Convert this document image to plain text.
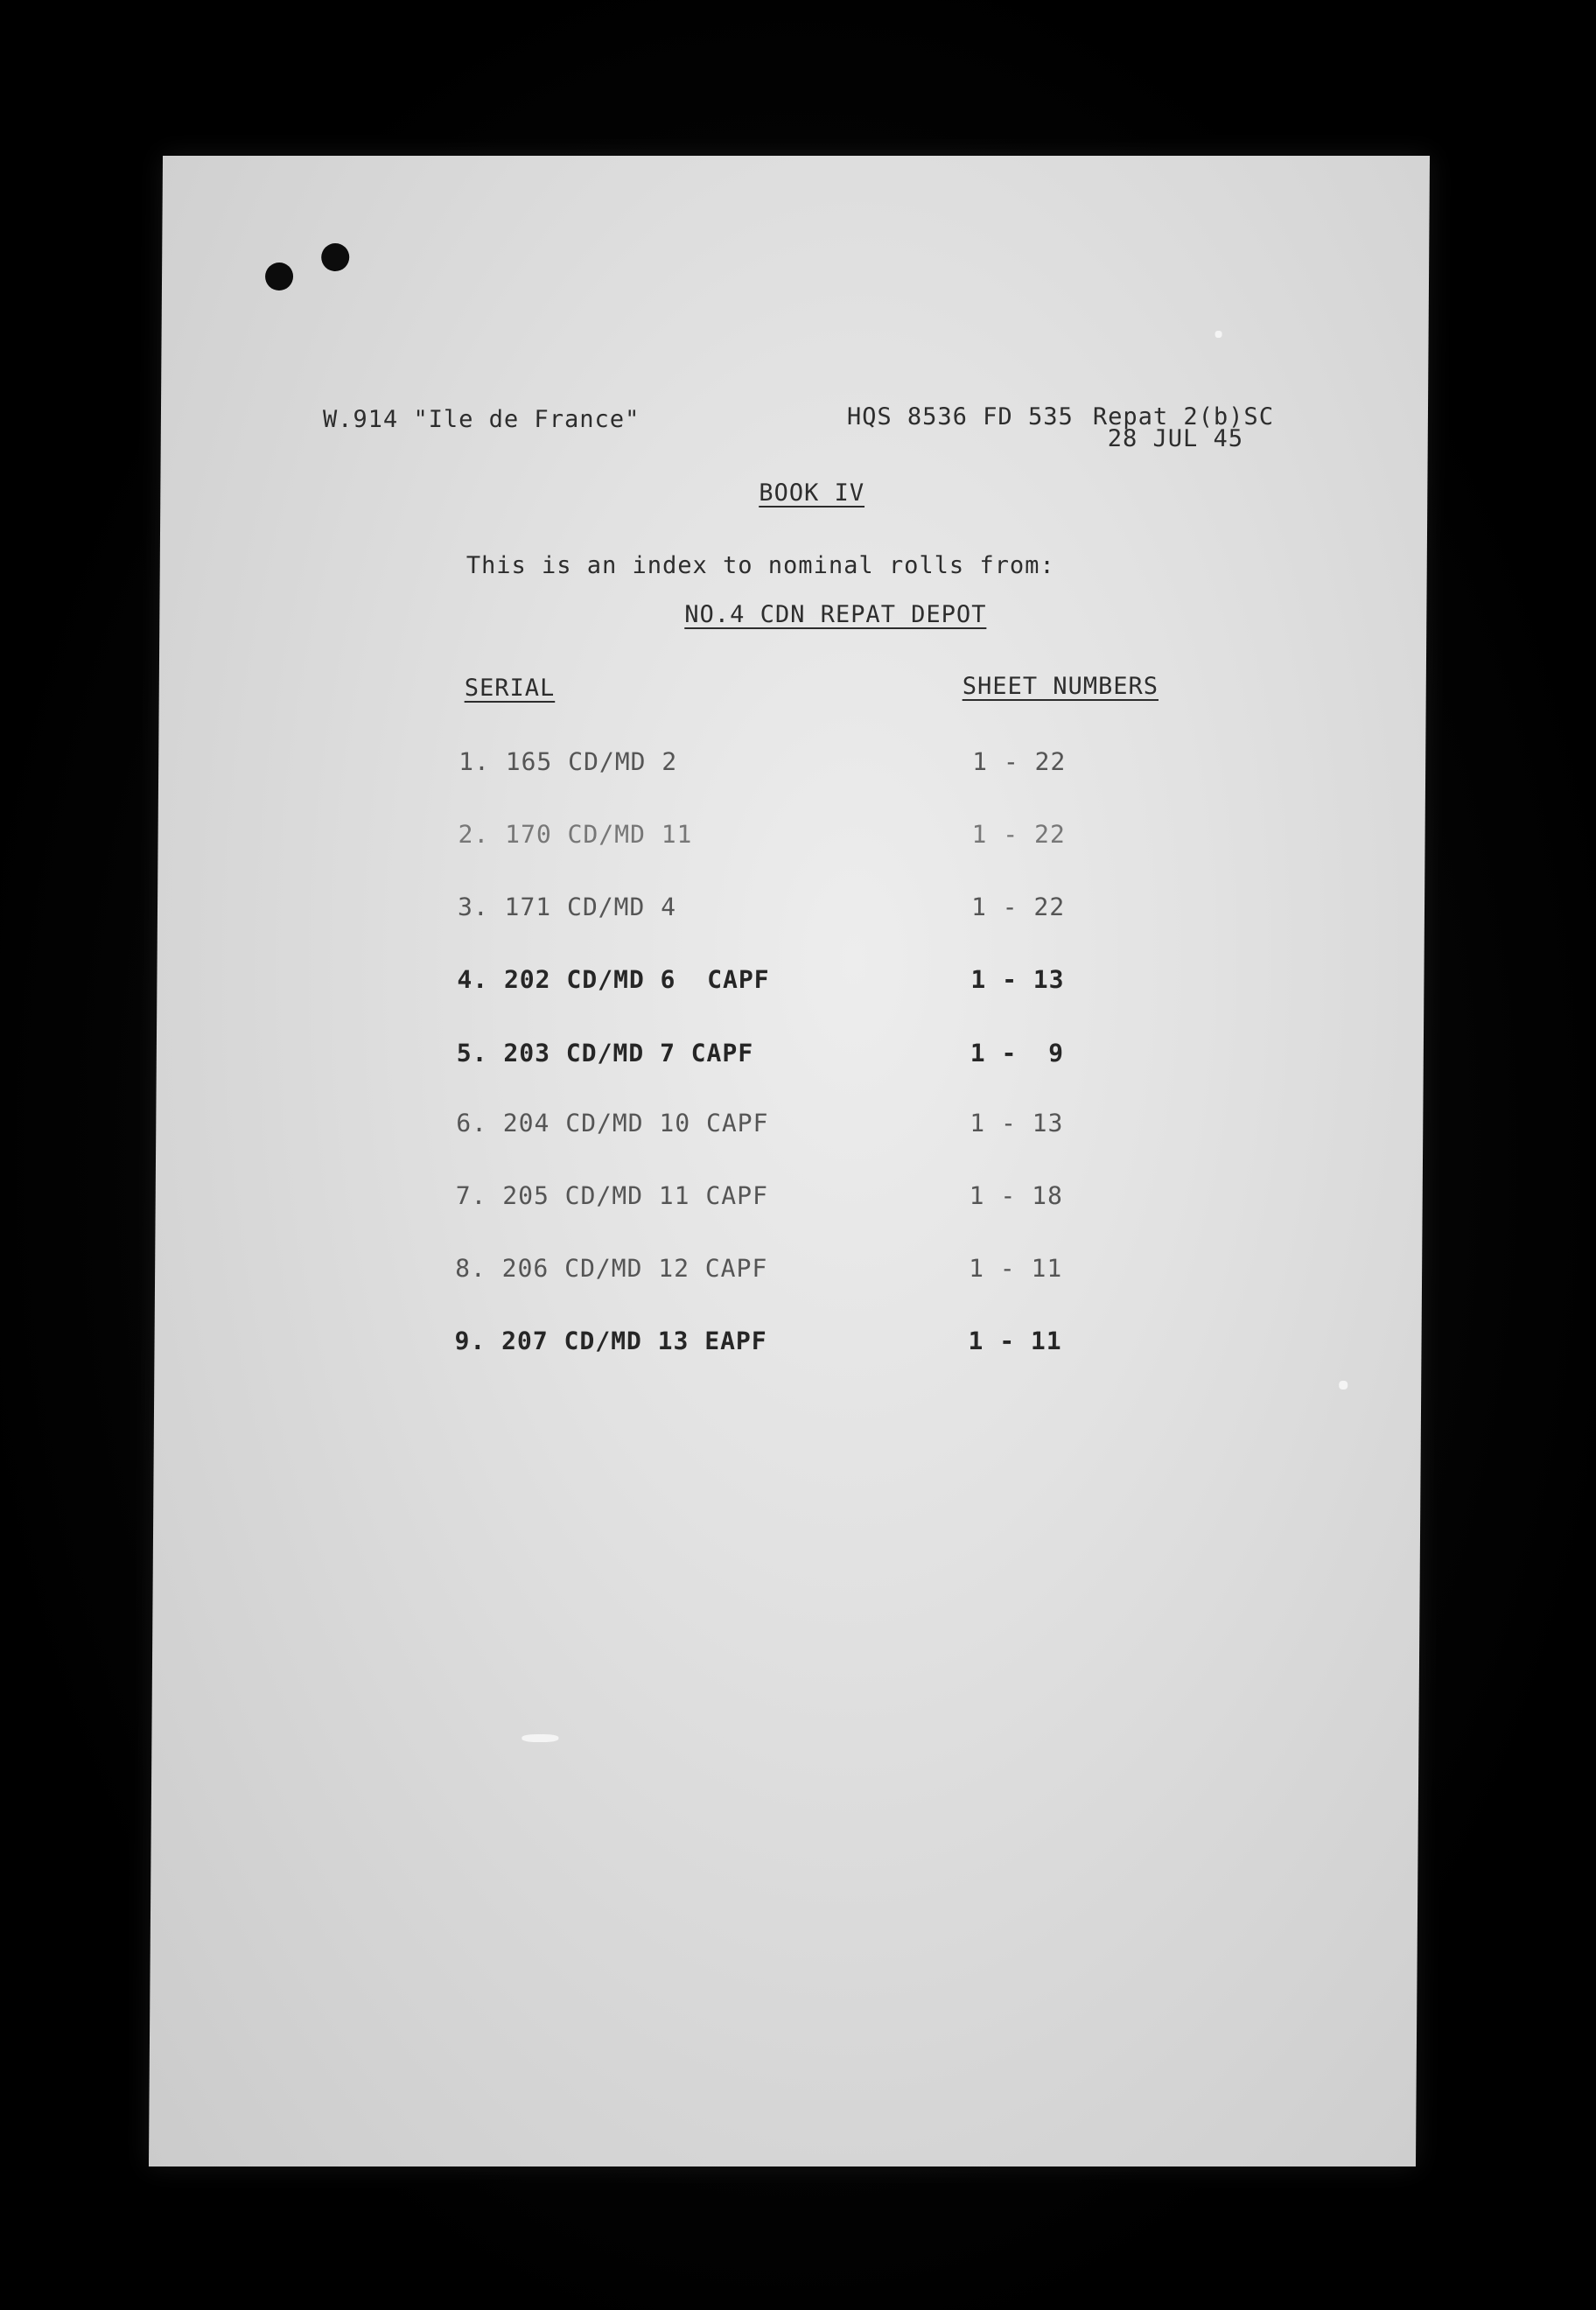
W.914 "Ile de France"	HQS 8536 FD 535 Repat 2(b)SC
28 JUL 45
BOOK IV
This is an index to nominal rolls from:
NO.4 CDN REPAT DEPOT
SERIAL	SHEET NUMBERS
1. 165 CD/MD 2	1 - 22
2. 170 CD/MD 11	1 - 22
3. 171 CD/MD 4	1 - 22
4. 202 CD/MD 6  CAPF	1 - 13
5. 203 CD/MD 7 CAPF	1 -  9
6. 204 CD/MD 10 CAPF	1 - 13
7. 205 CD/MD 11 CAPF	1 - 18
8. 206 CD/MD 12 CAPF	1 - 11
9. 207 CD/MD 13 EAPF	1 - 11
